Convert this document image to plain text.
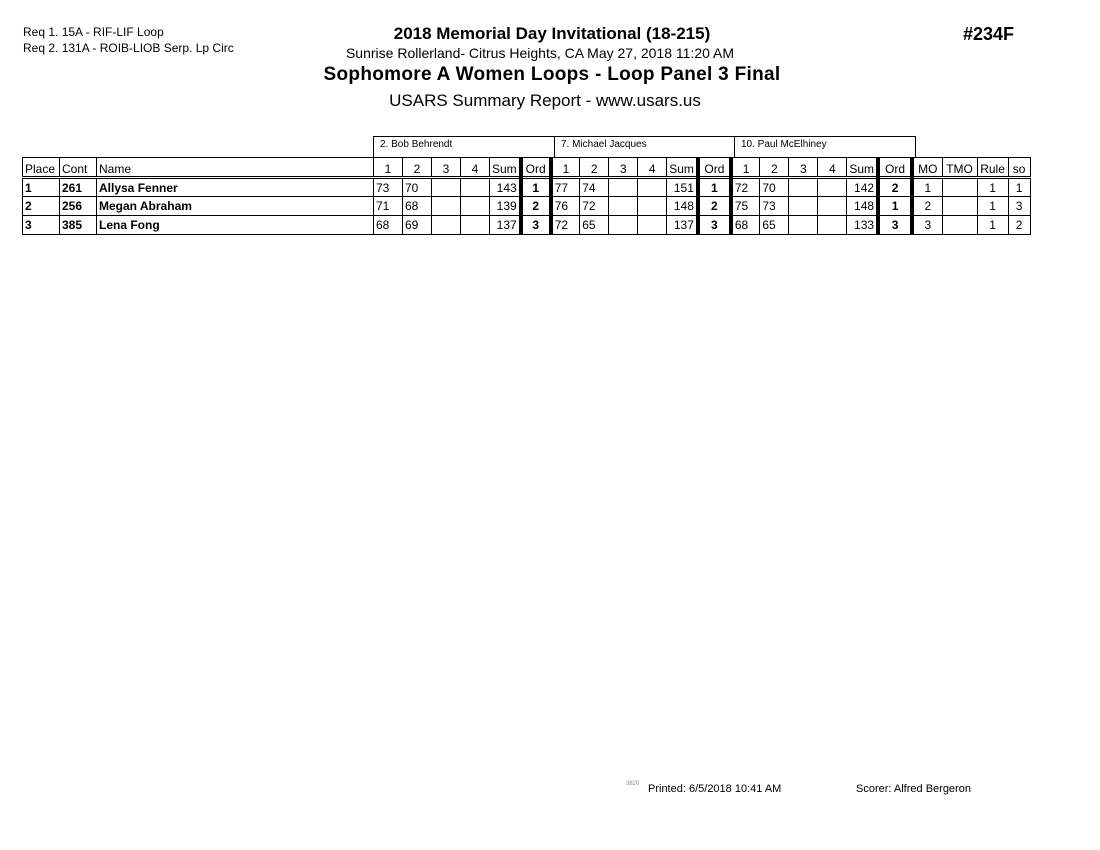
Req 1. 15A - RIF-LIF Loop
Req 2. 131A - ROIB-LIOB Serp. Lp Circ
2018 Memorial Day Invitational (18-215)
Sunrise Rollerland- Citrus Heights, CA May 27, 2018 11:20 AM
Sophomore A Women Loops - Loop Panel 3 Final
USARS Summary Report - www.usars.us
#234F
2. Bob Behrendt	7. Michael Jacques	10. Paul McElhiney
Place	Cont	Name	1	2	3	4	Sum	Ord	1	2	3	4	Sum	Ord	1	2	3	4	Sum	Ord	MO	TMO	Rule	so
1	261	Allysa Fenner	73	70			143	1	77	74			151	1	72	70			142	2	1		1	1
2	256	Megan Abraham	71	68			139	2	76	72			148	2	75	73			148	1	2		1	3
3	385	Lena Fong	68	69			137	3	72	65			137	3	68	65			133	3	3		1	2
3820 Printed: 6/5/2018 10:41 AM	Scorer: Alfred Bergeron
